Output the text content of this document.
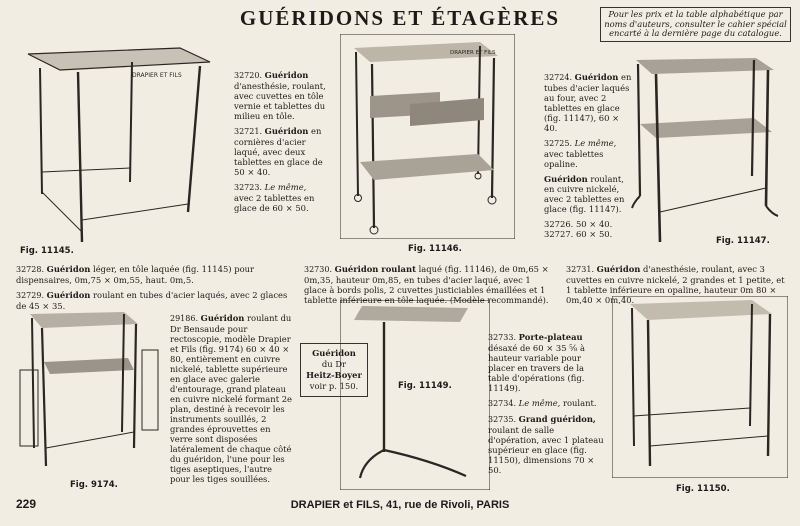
GUÉRIDONS ET ÉTAGÈRES	Pour les prix et la table alphabétique par noms d'auteurs, consulter le cahier spécial encarté à la dernière page du catalogue.
DRAPIER ET FILS
Fig. 11145.
DRAPIER ET FILS
Fig. 11146.
Fig. 11147.
32720. Guéridon d'anesthésie, roulant, avec cuvettes en tôle vernie et tablettes du milieu en tôle.
32721. Guéridon en cornières d'acier laqué, avec deux tablettes en glace de 50 × 40.
32723. Le même, avec 2 tablettes en glace de 60 × 50.
32724. Guéridon en tubes d'acier laqués au four, avec 2 tablettes en glace (fig. 11147), 60 × 40.
32725. Le même, avec tablettes opaline.
Guéridon roulant, en cuivre nickelé, avec 2 tablettes en glace (fig. 11147).
32726. 50 × 40.
32727. 60 × 50.
32728. Guéridon léger, en tôle laquée (fig. 11145) pour dispensaires, 0m,75 × 0m,55, haut. 0m,5.
32729. Guéridon roulant en tubes d'acier laqués, avec 2 glaces de 45 × 35.
32730. Guéridon roulant laqué (fig. 11146), de 0m,65 × 0m,35, hauteur 0m,85, en tubes d'acier laqué, avec 1 glace à bords polis, 2 cuvettes justiciables émaillées et 1 tablette inférieure en tôle laquée. (Modèle recommandé).
32731. Guéridon d'anesthésie, roulant, avec 3 cuvettes en cuivre nickelé, 2 grandes et 1 petite, et 1 tablette inférieure en opaline, hauteur 0m 80 × 0m,40 × 0m,40.
Fig. 9174.
29186. Guéridon roulant du Dr Bensaude pour rectoscopie, modèle Drapier et Fils (fig. 9174) 60 × 40 × 80, entièrement en cuivre nickelé, tablette supérieure en glace avec galerie d'entourage, grand plateau en cuivre nickelé formant 2e plan, destiné à recevoir les instruments souillés, 2 grandes éprouvettes en verre sont disposées latéralement de chaque côté du guéridon, l'une pour les tiges aseptiques, l'autre pour les tiges souillées.
Guéridon
du Dr
Heitz-Boyer
voir p. 150.	Fig. 11149.
32733. Porte-plateau désaxé de 60 × 35 ⅝ à hauteur variable pour placer en travers de la table d'opérations (fig. 11149).
32734. Le même, roulant.
32735. Grand guéridon, roulant de salle d'opération, avec 1 plateau supérieur en glace (fig. 11150), dimensions 70 × 50.
Fig. 11150.
229	DRAPIER et FILS, 41, rue de Rivoli, PARIS
